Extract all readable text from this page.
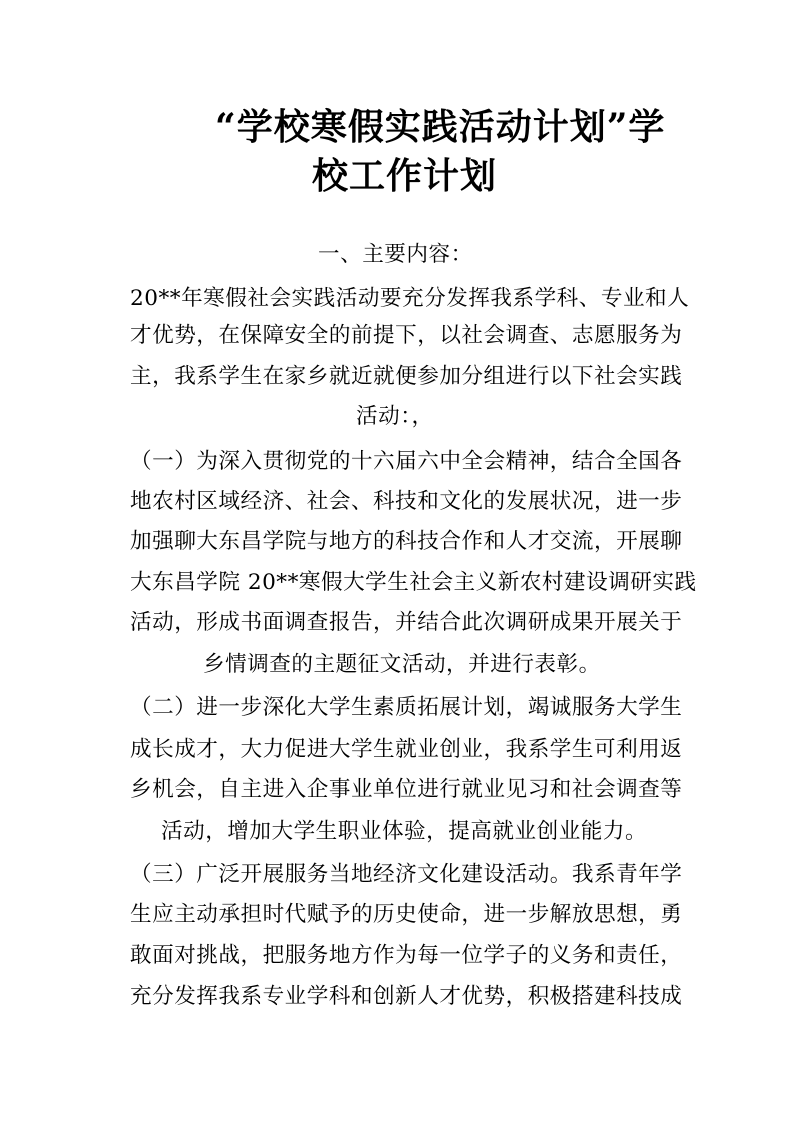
“学校寒假实践活动计划”学
校工作计划
一、主要内容：
20**年寒假社会实践活动要充分发挥我系学科、专业和人
才优势，在保障安全的前提下，以社会调查、志愿服务为
主，我系学生在家乡就近就便参加分组进行以下社会实践
活动：，
（一）为深入贯彻党的十六届六中全会精神，结合全国各
地农村区域经济、社会、科技和文化的发展状况，进一步
加强聊大东昌学院与地方的科技合作和人才交流，开展聊
大东昌学院 20**寒假大学生社会主义新农村建设调研实践
活动，形成书面调查报告，并结合此次调研成果开展关于
乡情调查的主题征文活动，并进行表彰。
（二）进一步深化大学生素质拓展计划，竭诚服务大学生
成长成才，大力促进大学生就业创业，我系学生可利用返
乡机会，自主进入企事业单位进行就业见习和社会调查等
活动，增加大学生职业体验，提高就业创业能力。
（三）广泛开展服务当地经济文化建设活动。我系青年学
生应主动承担时代赋予的历史使命，进一步解放思想，勇
敢面对挑战，把服务地方作为每一位学子的义务和责任，
充分发挥我系专业学科和创新人才优势，积极搭建科技成
